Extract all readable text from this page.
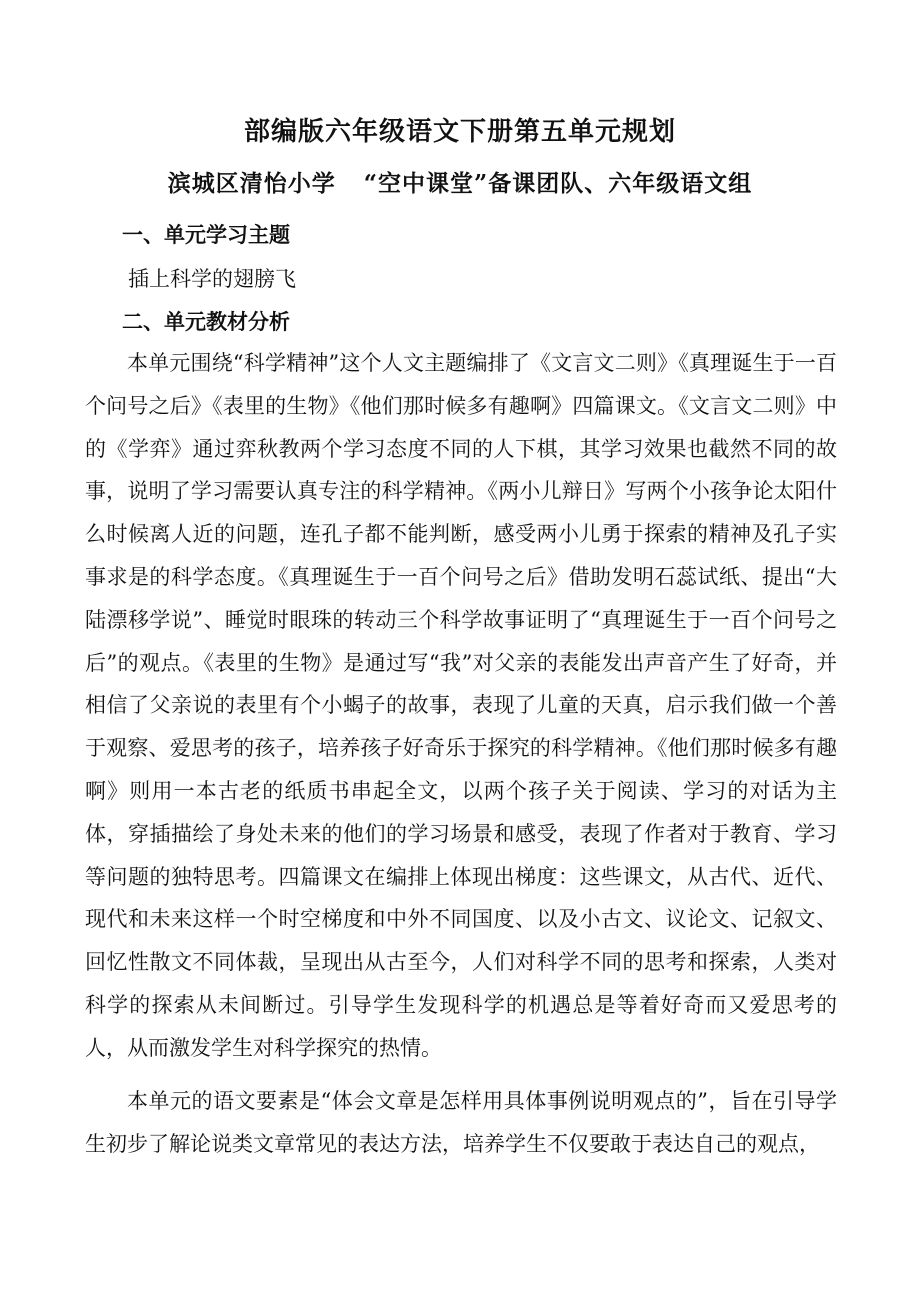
部编版六年级语文下册第五单元规划
滨城区清怡小学 “空中课堂”备课团队、六年级语文组
一、单元学习主题
插上科学的翅膀飞
二、单元教材分析

本单元围绕“科学精神”这个人文主题编排了《文言文二则》《真理诞生于一百个问号之后》《表里的生物》《他们那时候多有趣啊》四篇课文。《文言文二则》中的《学弈》通过弈秋教两个学习态度不同的人下棋，其学习效果也截然不同的故事，说明了学习需要认真专注的科学精神。《两小儿辩日》写两个小孩争论太阳什么时候离人近的问题，连孔子都不能判断，感受两小儿勇于探索的精神及孔子实事求是的科学态度。《真理诞生于一百个问号之后》借助发明石蕊试纸、提出“大陆漂移学说”、睡觉时眼珠的转动三个科学故事证明了“真理诞生于一百个问号之后”的观点。《表里的生物》是通过写“我”对父亲的表能发出声音产生了好奇，并相信了父亲说的表里有个小蝎子的故事，表现了儿童的天真，启示我们做一个善于观察、爱思考的孩子，培养孩子好奇乐于探究的科学精神。《他们那时候多有趣啊》则用一本古老的纸质书串起全文，以两个孩子关于阅读、学习的对话为主体，穿插描绘了身处未来的他们的学习场景和感受，表现了作者对于教育、学习等问题的独特思考。四篇课文在编排上体现出梯度：这些课文，从古代、近代、现代和未来这样一个时空梯度和中外不同国度、以及小古文、议论文、记叙文、回忆性散文不同体裁，呈现出从古至今，人们对科学不同的思考和探索，人类对科学的探索从未间断过。引导学生发现科学的机遇总是等着好奇而又爱思考的人，从而激发学生对科学探究的热情。

本单元的语文要素是“体会文章是怎样用具体事例说明观点的”，旨在引导学生初步了解论说类文章常见的表达方法，培养学生不仅要敢于表达自己的观点，
